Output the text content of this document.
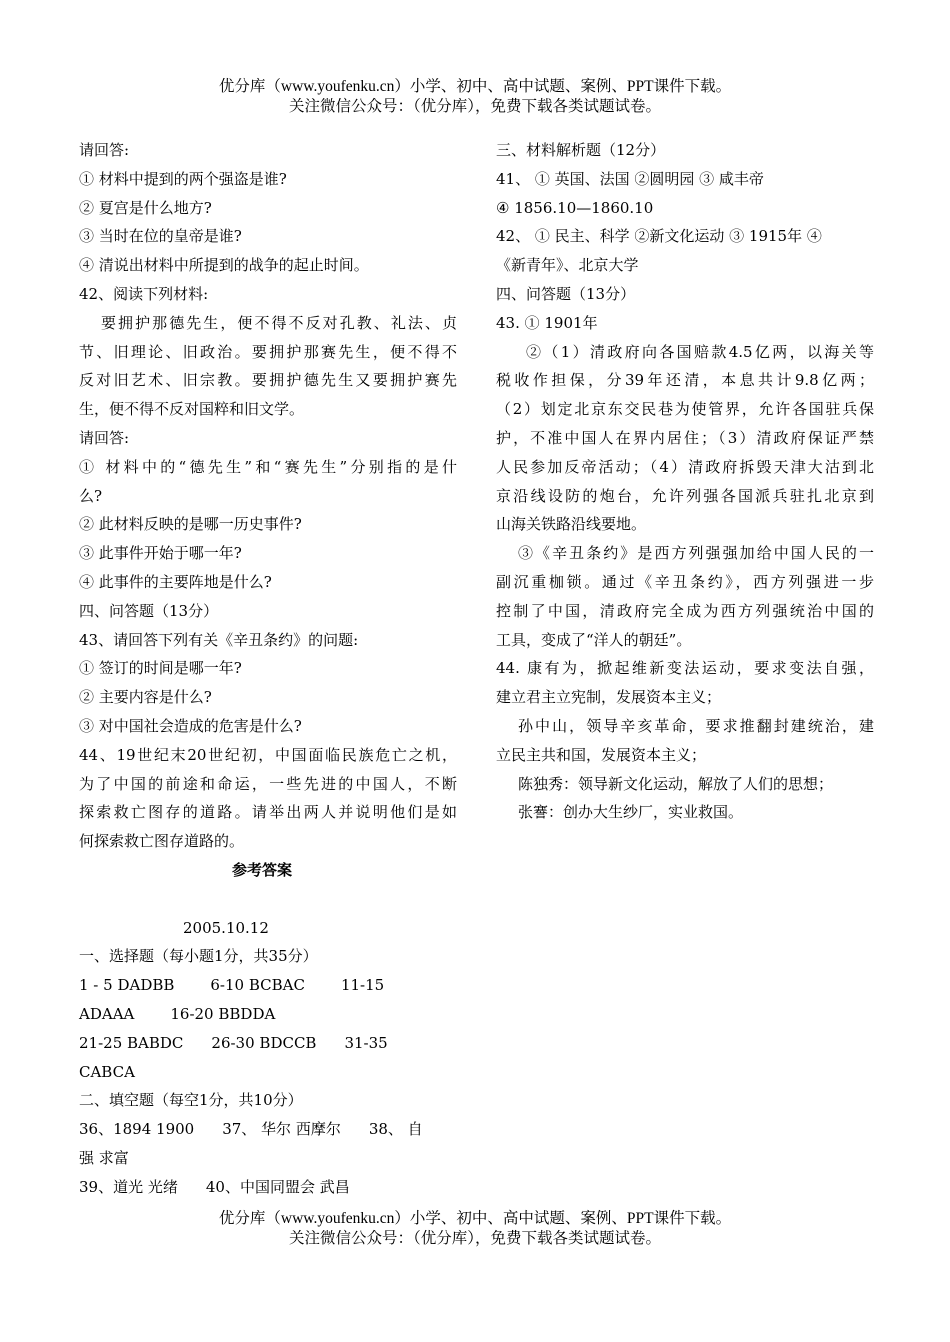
优分库（www.youfenku.cn）小学、初中、高中试题、案例、PPT课件下载。
关注微信公众号：（优分库），免费下载各类试题试卷。
请回答:
① 材料中提到的两个强盗是谁?
② 夏宫是什么地方?
③ 当时在位的皇帝是谁?
④ 清说出材料中所提到的战争的起止时间。
42、阅读下列材料:
要拥护那德先生，便不得不反对孔教、礼法、贞
节、旧理论、旧政治。要拥护那赛先生，便不得不
反对旧艺术、旧宗教。要拥护德先生又要拥护赛先
生，便不得不反对国粹和旧文学。
请回答:
① 材料中的“德先生”和“赛先生”分别指的是什
么?
② 此材料反映的是哪一历史事件?
③ 此事件开始于哪一年?
④ 此事件的主要阵地是什么?
四、问答题（13分）
43、请回答下列有关《辛丑条约》的问题:
① 签订的时间是哪一年?
② 主要内容是什么?
③ 对中国社会造成的危害是什么?
44、19世纪末20世纪初，中国面临民族危亡之机，
为了中国的前途和命运，一些先进的中国人，不断
探索救亡图存的道路。请举出两人并说明他们是如
何探索救亡图存道路的。
参考答案
2005.10.12
一、选择题（每小题1分，共35分）
1 - 5 DADBB 6-10 BCBAC 11-15
ADAAA 16-20 BBDDA
21-25 BABDC 26-30 BDCCB 31-35
CABCA
二、填空题（每空1分，共10分）
36、1894 1900 37、 华尔 西摩尔 38、 自
强 求富
39、道光 光绪 40、中国同盟会 武昌
三、材料解析题（12分）
41、 ① 英国、法国 ②圆明园 ③ 咸丰帝
④ 1856.10—1860.10
42、 ① 民主、科学 ②新文化运动 ③ 1915年 ④
《新青年》、北京大学
四、问答题（13分）
43. ① 1901年
②（1）清政府向各国赔款4.5亿两，以海关等
税收作担保，分39年还清，本息共计9.8亿两；
（2）划定北京东交民巷为使管界，允许各国驻兵保
护，不准中国人在界内居住；（3）清政府保证严禁
人民参加反帝活动；（4）清政府拆毁天津大沽到北
京沿线设防的炮台，允许列强各国派兵驻扎北京到
山海关铁路沿线要地。
③《辛丑条约》是西方列强强加给中国人民的一
副沉重枷锁。通过《辛丑条约》，西方列强进一步
控制了中国，清政府完全成为西方列强统治中国的
工具，变成了“洋人的朝廷”。
44. 康有为，掀起维新变法运动，要求变法自强，
建立君主立宪制，发展资本主义；
孙中山，领导辛亥革命，要求推翻封建统治，建
立民主共和国，发展资本主义；
陈独秀：领导新文化运动，解放了人们的思想；
张謇：创办大生纱厂，实业救国。
优分库（www.youfenku.cn）小学、初中、高中试题、案例、PPT课件下载。
关注微信公众号：（优分库），免费下载各类试题试卷。
